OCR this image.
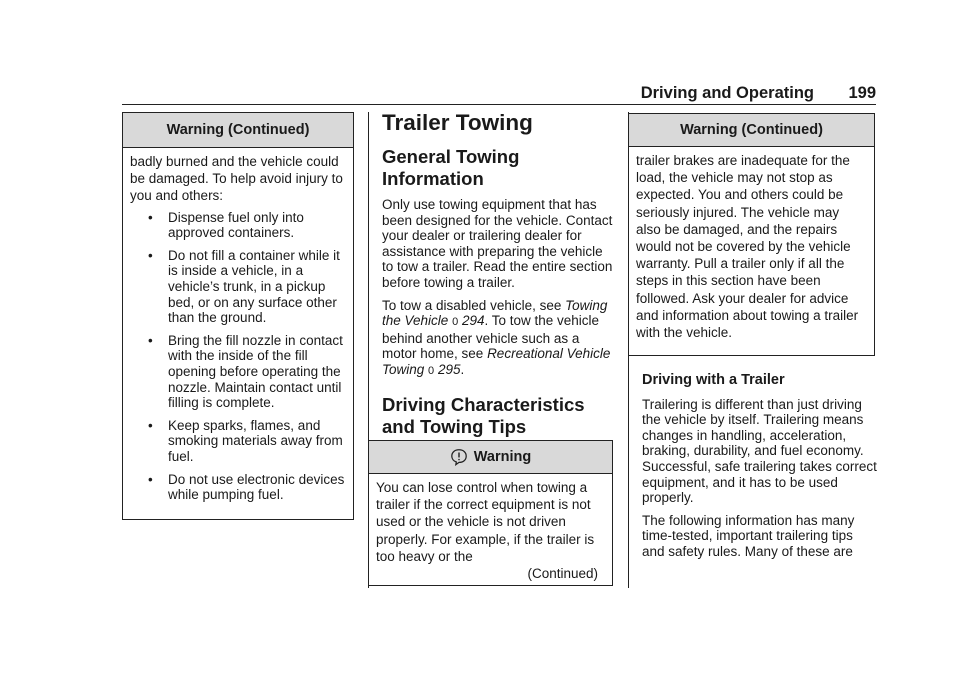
Driving and Operating 199
Warning (Continued)
badly burned and the vehicle could be damaged. To help avoid injury to you and others:
• Dispense fuel only into approved containers.
• Do not fill a container while it is inside a vehicle, in a vehicle’s trunk, in a pickup bed, or on any surface other than the ground.
• Bring the fill nozzle in contact with the inside of the fill opening before operating the nozzle. Maintain contact until filling is complete.
• Keep sparks, flames, and smoking materials away from fuel.
• Do not use electronic devices while pumping fuel.
Trailer Towing
General Towing Information

Only use towing equipment that has been designed for the vehicle. Contact your dealer or trailering dealer for assistance with preparing the vehicle to tow a trailer. Read the entire section before towing a trailer.

To tow a disabled vehicle, see Towing the Vehicle 0 294. To tow the vehicle behind another vehicle such as a motor home, see Recreational Vehicle Towing 0 295.

Driving Characteristics and Towing Tips
Warning
You can lose control when towing a trailer if the correct equipment is not used or the vehicle is not driven properly. For example, if the trailer is too heavy or the
(Continued)
Warning (Continued)
trailer brakes are inadequate for the load, the vehicle may not stop as expected. You and others could be seriously injured. The vehicle may also be damaged, and the repairs would not be covered by the vehicle warranty. Pull a trailer only if all the steps in this section have been followed. Ask your dealer for advice and information about towing a trailer with the vehicle.
Driving with a Trailer

Trailering is different than just driving the vehicle by itself. Trailering means changes in handling, acceleration, braking, durability, and fuel economy. Successful, safe trailering takes correct equipment, and it has to be used properly.

The following information has many time-tested, important trailering tips and safety rules. Many of these are
